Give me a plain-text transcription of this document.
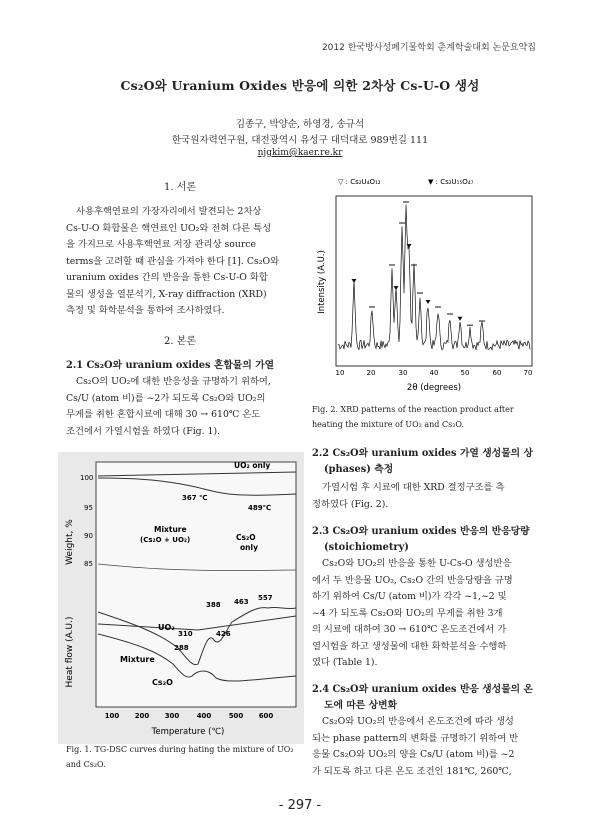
2012 한국방사성폐기물학회 춘계학술대회 논문요약집
Cs₂O와 Uranium Oxides 반응에 의한 2차상 Cs-U-O 생성
김종구, 박양순, 하영경, 송규석
한국원자력연구원, 대전광역시 유성구 대덕대로 989번길 111
njgkim@kaer.re.kr
1. 서론
사용후핵연료의 가장자리에서 발견되는 2차상
Cs-U-O 화합물은 핵연료인 UO₂와 전혀 다른 특성
을 가지므로 사용후핵연료 저장 관리상 source
terms을 고려할 때 관심을 가져야 한다 [1]. Cs₂O와
uranium oxides 간의 반응을 통한 Cs-U-O 화합
물의 생성을 열분석기, X-ray diffraction (XRD)
측정 및 화학분석을 통하여 조사하였다.
2. 본론
2.1 Cs₂O와 uranium oxides 혼합물의 가열
Cs₂O의 UO₂에 대한 반응성을 규명하기 위하여,
Cs/U (atom 비)를 ~2가 되도록 Cs₂O와 UO₂의
무게를 취한 혼합시료에 대해 30 → 610℃ 온도
조건에서 가열시험을 하였다 (Fig. 1).
100
95
90
85
Weight, %
Heat flow (A.U.)
UO₂ only
367 ℃
489℃
Mixture
(Cs₂O + UO₂)	Cs₂O
only
UO₂
388 463 557
310	426
288
Mixture
Cs₂O
100 200 300 400 500 600
Temperature (℃)
Fig. 1. TG-DSC curves during hating the mixture of UO₂
and Cs₂O.
▽ : Cs₂U₄O₁₂	▼ : Cs₂U₁₅O₄₇
Intensity (A.U.)
10	20	30	40	50	60	70
2θ (degrees)
Fig. 2. XRD patterns of the reaction product after
heating the mixture of UO₂ and Cs₂O.
2.2 Cs₂O와 uranium oxides 가열 생성물의 상
(phases) 측정
가열시험 후 시료에 대한 XRD 결정구조를 측
정하였다 (Fig. 2).
2.3 Cs₂O와 uranium oxides 반응의 반응당량
(stoichiometry)
Cs₂O와 UO₂의 반응을 통한 U-Cs-O 생성반응
에서 두 반응물 UO₂, Cs₂O 간의 반응당량을 규명
하기 위하여 Cs/U (atom 비)가 각각 ~1,~2 및
~4 가 되도록 Cs₂O와 UO₂의 무게를 취한 3개
의 시료에 대하여 30 → 610℃ 온도조건에서 가
열시험을 하고 생성물에 대한 화학분석을 수행하
였다 (Table 1).
2.4 Cs₂O와 uranium oxides 반응 생성물의 온
도에 따른 상변화
Cs₂O와 UO₂의 반응에서 온도조건에 따라 생성
되는 phase pattern의 변화를 규명하기 위하여 반
응물 Cs₂O와 UO₂의 양을 Cs/U (atom 비)를 ~2
가 되도록 하고 다른 온도 조건인 181℃, 260℃,
- 297 -
